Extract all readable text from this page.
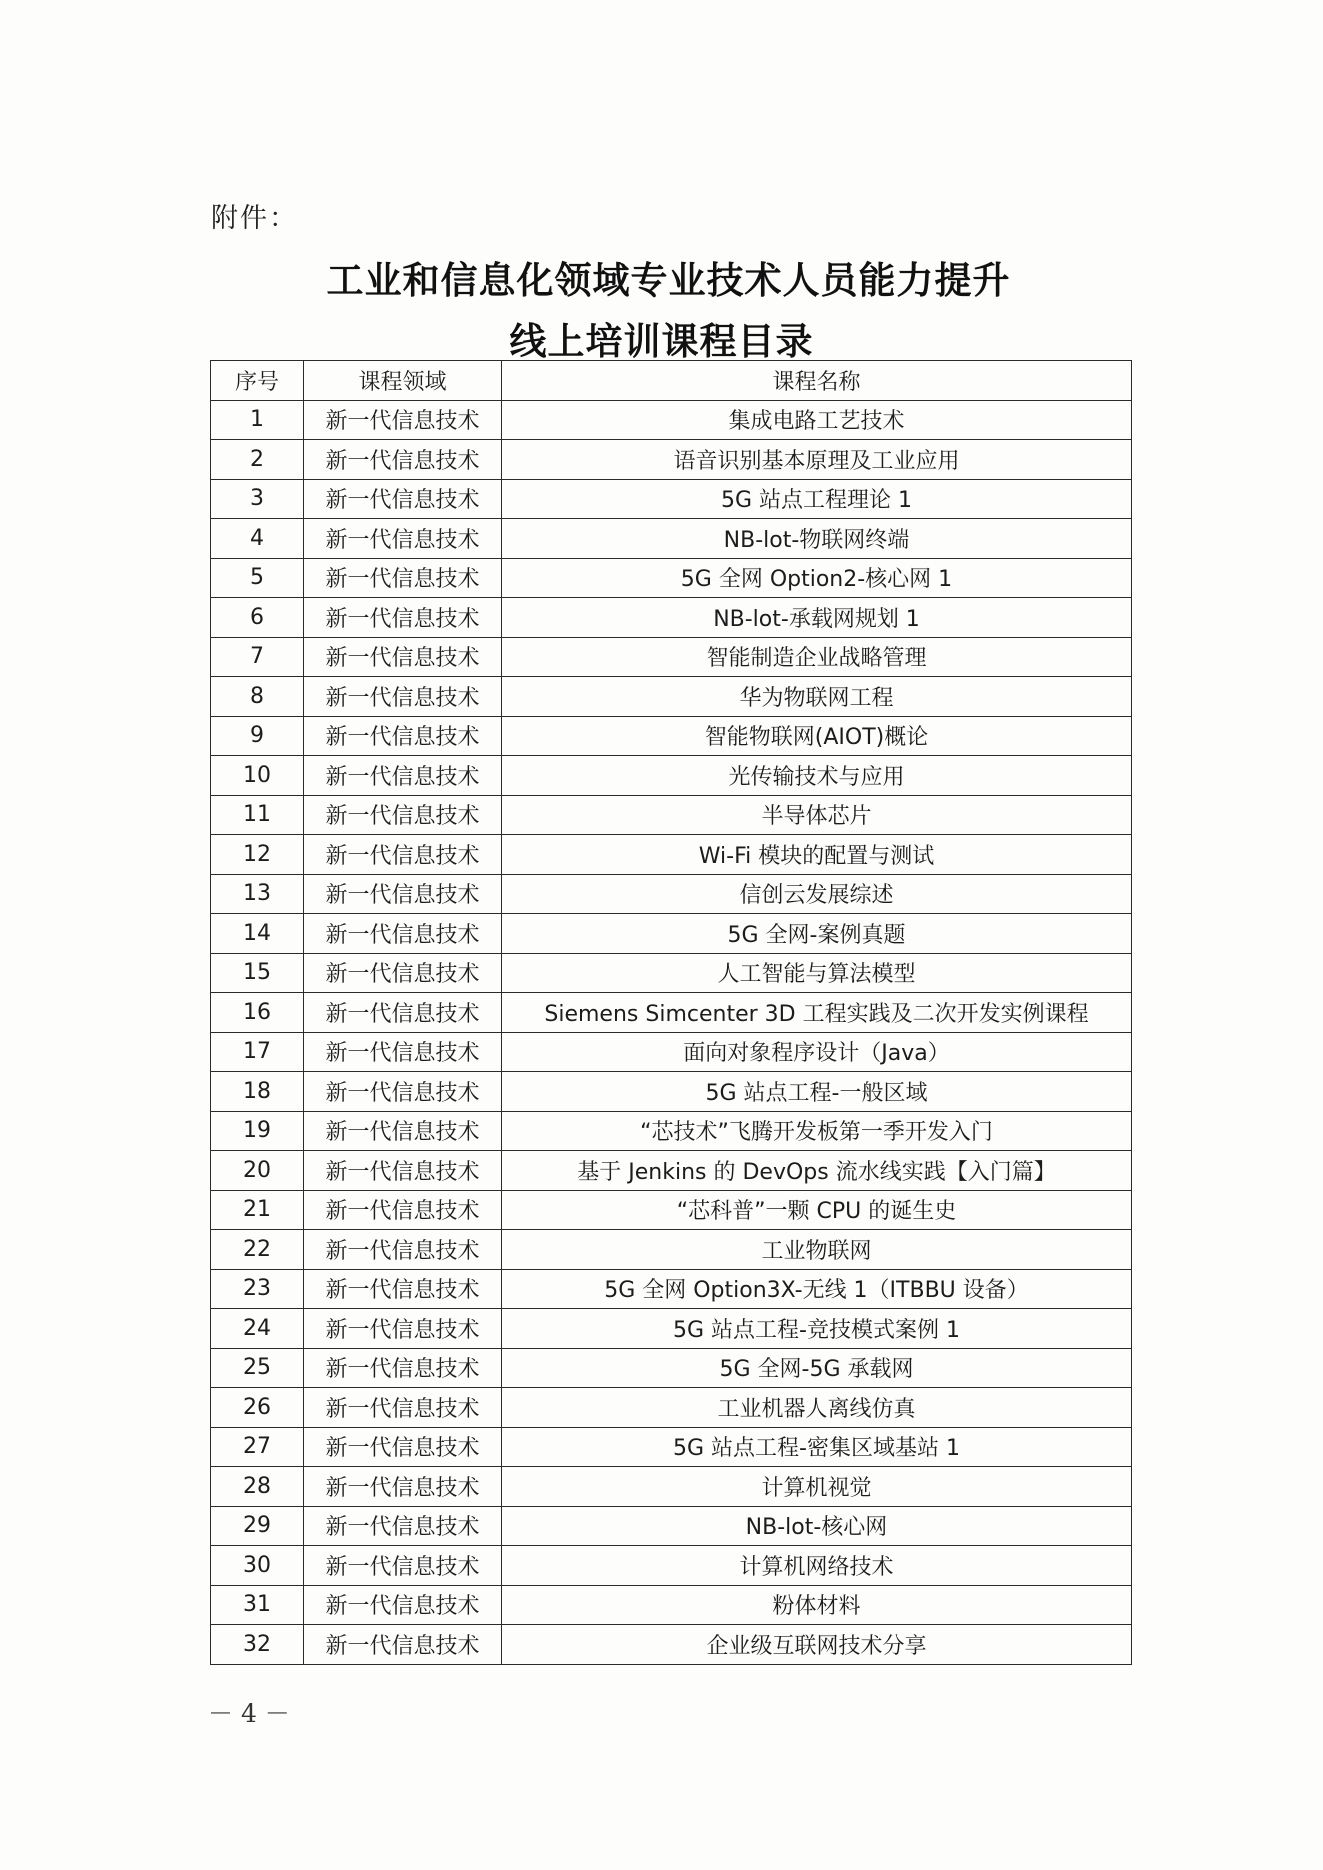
附件：
工业和信息化领域专业技术人员能力提升
线上培训课程目录
序号	课程领域	课程名称
1	新一代信息技术	集成电路工艺技术
2	新一代信息技术	语音识别基本原理及工业应用
3	新一代信息技术	5G 站点工程理论 1
4	新一代信息技术	NB-lot-物联网终端
5	新一代信息技术	5G 全网 Option2-核心网 1
6	新一代信息技术	NB-lot-承载网规划 1
7	新一代信息技术	智能制造企业战略管理
8	新一代信息技术	华为物联网工程
9	新一代信息技术	智能物联网(AIOT)概论
10	新一代信息技术	光传输技术与应用
11	新一代信息技术	半导体芯片
12	新一代信息技术	Wi-Fi 模块的配置与测试
13	新一代信息技术	信创云发展综述
14	新一代信息技术	5G 全网-案例真题
15	新一代信息技术	人工智能与算法模型
16	新一代信息技术	Siemens Simcenter 3D 工程实践及二次开发实例课程
17	新一代信息技术	面向对象程序设计（Java）
18	新一代信息技术	5G 站点工程-一般区域
19	新一代信息技术	“芯技术”飞腾开发板第一季开发入门
20	新一代信息技术	基于 Jenkins 的 DevOps 流水线实践【入门篇】
21	新一代信息技术	“芯科普”一颗 CPU 的诞生史
22	新一代信息技术	工业物联网
23	新一代信息技术	5G 全网 Option3X-无线 1（ITBBU 设备）
24	新一代信息技术	5G 站点工程-竞技模式案例 1
25	新一代信息技术	5G 全网-5G 承载网
26	新一代信息技术	工业机器人离线仿真
27	新一代信息技术	5G 站点工程-密集区域基站 1
28	新一代信息技术	计算机视觉
29	新一代信息技术	NB-lot-核心网
30	新一代信息技术	计算机网络技术
31	新一代信息技术	粉体材料
32	新一代信息技术	企业级互联网技术分享
－ 4 －
